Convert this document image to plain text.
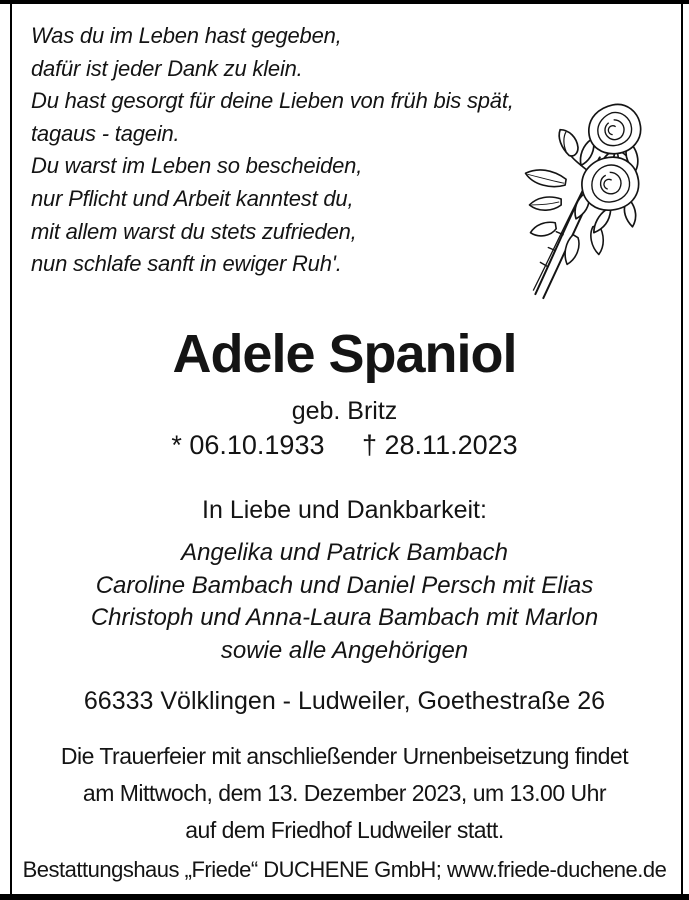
Was du im Leben hast gegeben,
dafür ist jeder Dank zu klein.
Du hast gesorgt für deine Lieben von früh bis spät,
tagaus - tagein.
Du warst im Leben so bescheiden,
nur Pflicht und Arbeit kanntest du,
mit allem warst du stets zufrieden,
nun schlafe sanft in ewiger Ruh'.
Adele Spaniol
geb. Britz
* 06.10.1933 † 28.11.2023
In Liebe und Dankbarkeit:
Angelika und Patrick Bambach
Caroline Bambach und Daniel Persch mit Elias
Christoph und Anna-Laura Bambach mit Marlon
sowie alle Angehörigen
66333 Völklingen - Ludweiler, Goethestraße 26
Die Trauerfeier mit anschließender Urnenbeisetzung findet
am Mittwoch, dem 13. Dezember 2023, um 13.00 Uhr
auf dem Friedhof Ludweiler statt.
Bestattungshaus „Friede“ DUCHENE GmbH; www.friede-duchene.de
